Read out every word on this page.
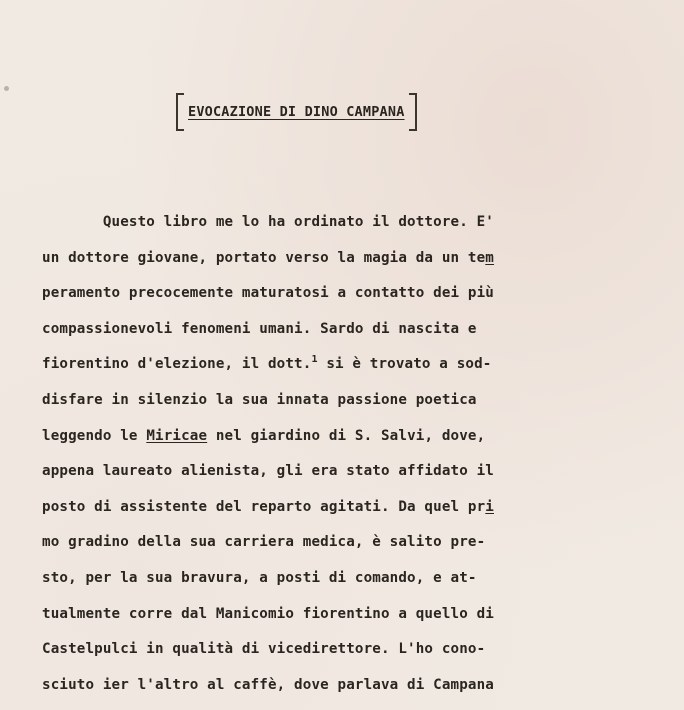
EVOCAZIONE DI DINO CAMPANA
Questo libro me lo ha ordinato il dottore. E'
un dottore giovane, portato verso la magia da un tem
peramento precocemente maturatosi a contatto dei più
compassionevoli fenomeni umani. Sardo di nascita e
fiorentino d'elezione, il dott.$^1$ si è trovato a sod-
disfare in silenzio la sua innata passione poetica
leggendo le Miricae nel giardino di S. Salvi, dove,
appena laureato alienista, gli era stato affidato il
posto di assistente del reparto agitati. Da quel pri
mo gradino della sua carriera medica, è salito pre-
sto, per la sua bravura, a posti di comando, e at-
tualmente corre dal Manicomio fiorentino a quello di
Castelpulci in qualità di vicedirettore. L'ho cono-
sciuto ier l'altro al caffè, dove parlava di Campana
